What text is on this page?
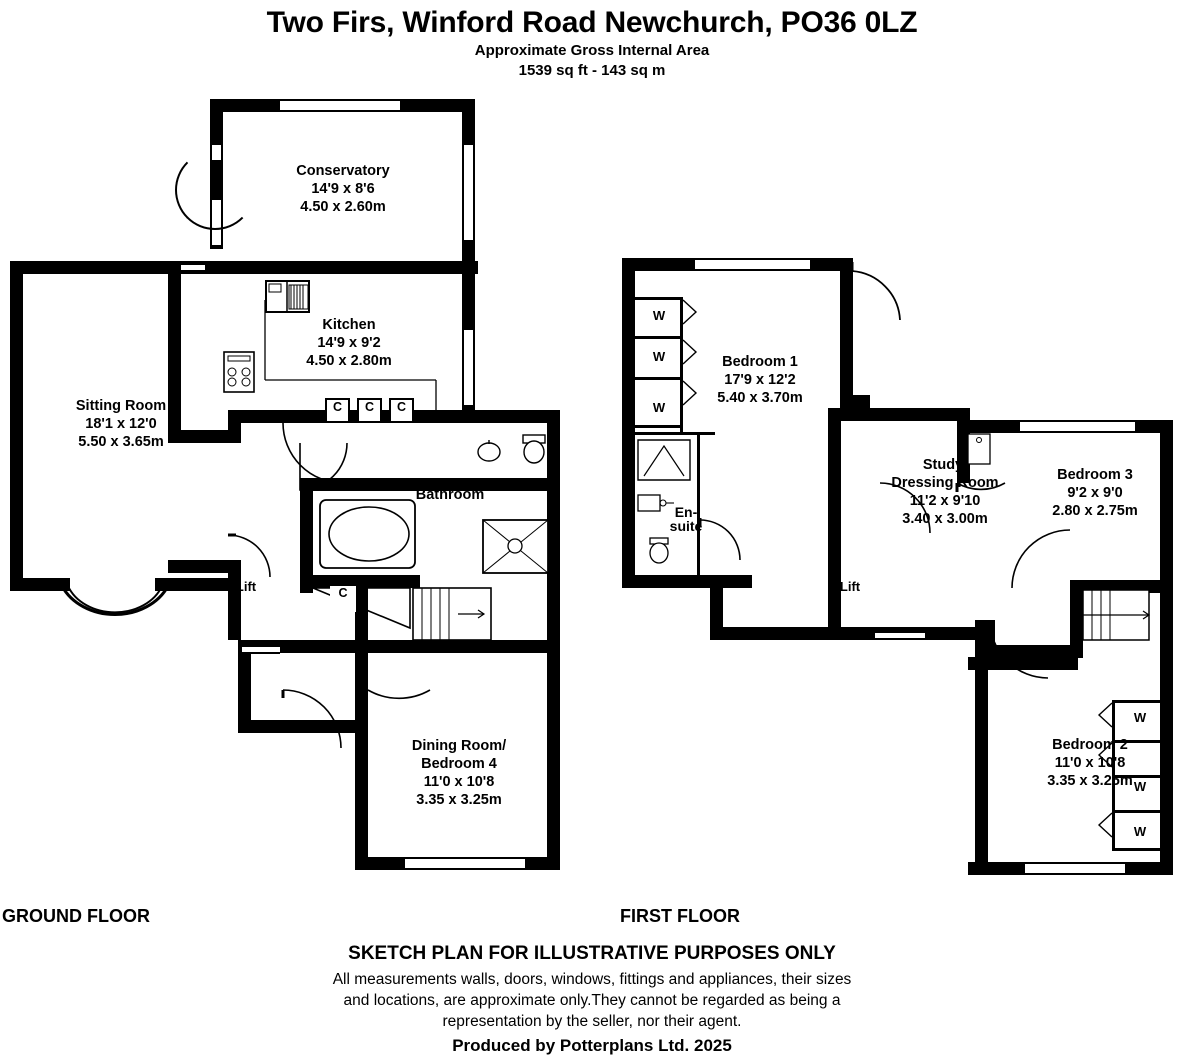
Two Firs, Winford Road Newchurch, PO36 0LZ
Approximate Gross Internal Area
1539 sq ft - 143 sq m
C	C	C
Conservatory
14'9 x 8'6
4.50 x 2.60m
Kitchen
14'9 x 9'2
4.50 x 2.80m
Sitting Room
18'1 x 12'0
5.50 x 3.65m
Bathroom
Dining Room/
Bedroom 4
11'0 x 10'8
3.35 x 3.25m
Lift	C
W
W
W
En-
suite
W
W
W
Bedroom 1
17'9 x 12'2
5.40 x 3.70m
Study/
Dressing Room
11'2 x 9'10
3.40 x 3.00m
Bedroom 3
9'2 x 9'0
2.80 x 2.75m
Bedroom 2
11'0 x 10'8
3.35 x 3.25m
Lift
GROUND FLOOR	FIRST FLOOR
SKETCH PLAN FOR ILLUSTRATIVE PURPOSES ONLY
All measurements walls, doors, windows, fittings and appliances, their sizes
and locations, are approximate only.They cannot be regarded as being a
representation by the seller, nor their agent.
Produced by Potterplans Ltd. 2025
